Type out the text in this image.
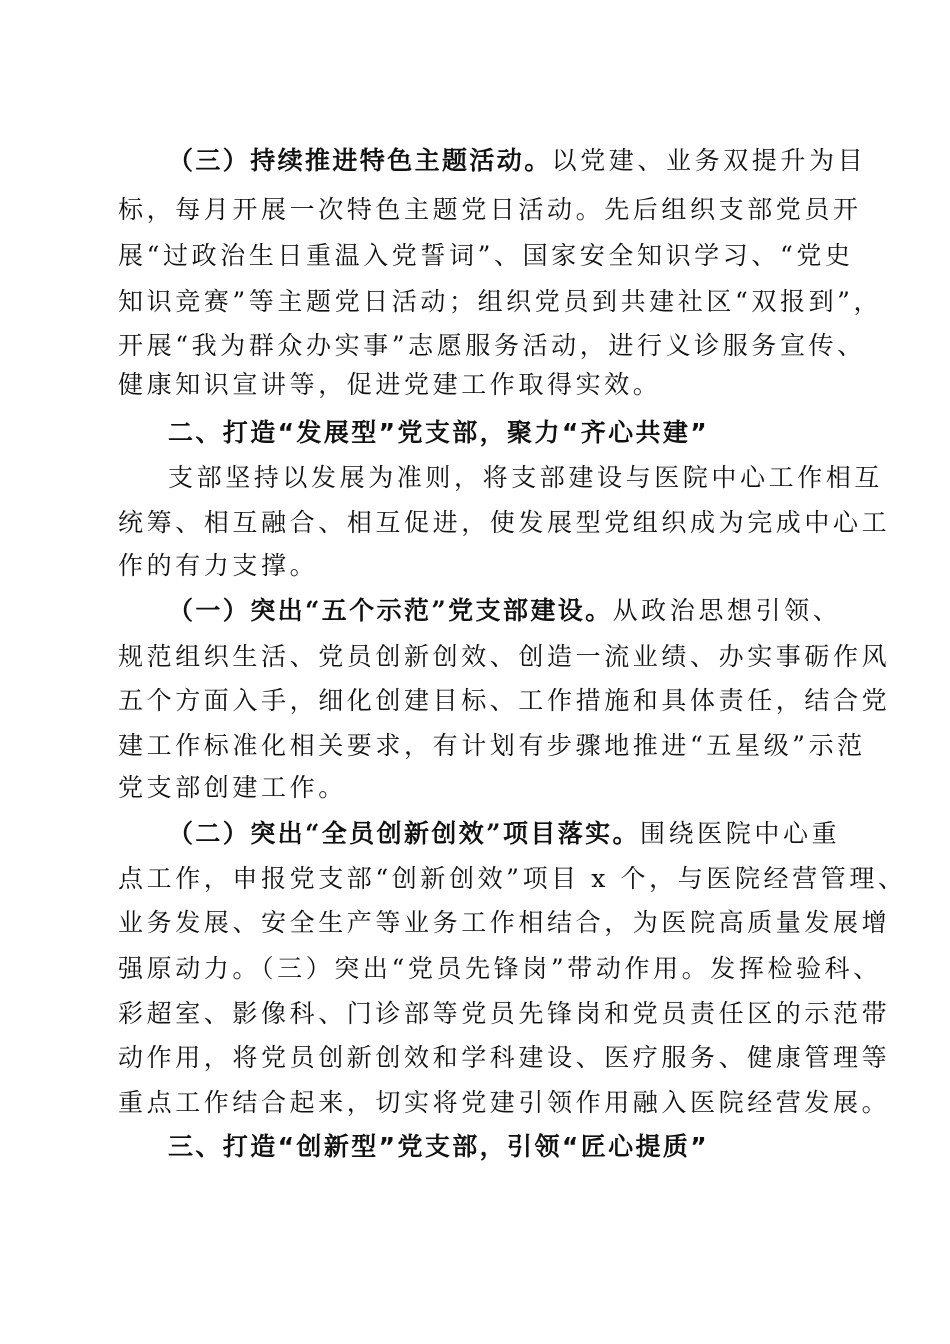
（三）持续推进特色主题活动。以党建、业务双提升为目
标，每月开展一次特色主题党日活动。先后组织支部党员开
展“过政治生日重温入党誓词”、国家安全知识学习、“党史
知识竞赛”等主题党日活动；组织党员到共建社区“双报到”，
开展“我为群众办实事”志愿服务活动，进行义诊服务宣传、
健康知识宣讲等，促进党建工作取得实效。
二、打造“发展型”党支部，聚力“齐心共建”
支部坚持以发展为准则，将支部建设与医院中心工作相互
统筹、相互融合、相互促进，使发展型党组织成为完成中心工
作的有力支撑。
（一）突出“五个示范”党支部建设。从政治思想引领、
规范组织生活、党员创新创效、创造一流业绩、办实事砺作风
五个方面入手，细化创建目标、工作措施和具体责任，结合党
建工作标准化相关要求，有计划有步骤地推进“五星级”示范
党支部创建工作。
（二）突出“全员创新创效”项目落实。围绕医院中心重
点工作，申报党支部“创新创效”项目 x 个，与医院经营管理、
业务发展、安全生产等业务工作相结合，为医院高质量发展增
强原动力。（三）突出“党员先锋岗”带动作用。发挥检验科、
彩超室、影像科、门诊部等党员先锋岗和党员责任区的示范带
动作用，将党员创新创效和学科建设、医疗服务、健康管理等
重点工作结合起来，切实将党建引领作用融入医院经营发展。
三、打造“创新型”党支部，引领“匠心提质”
